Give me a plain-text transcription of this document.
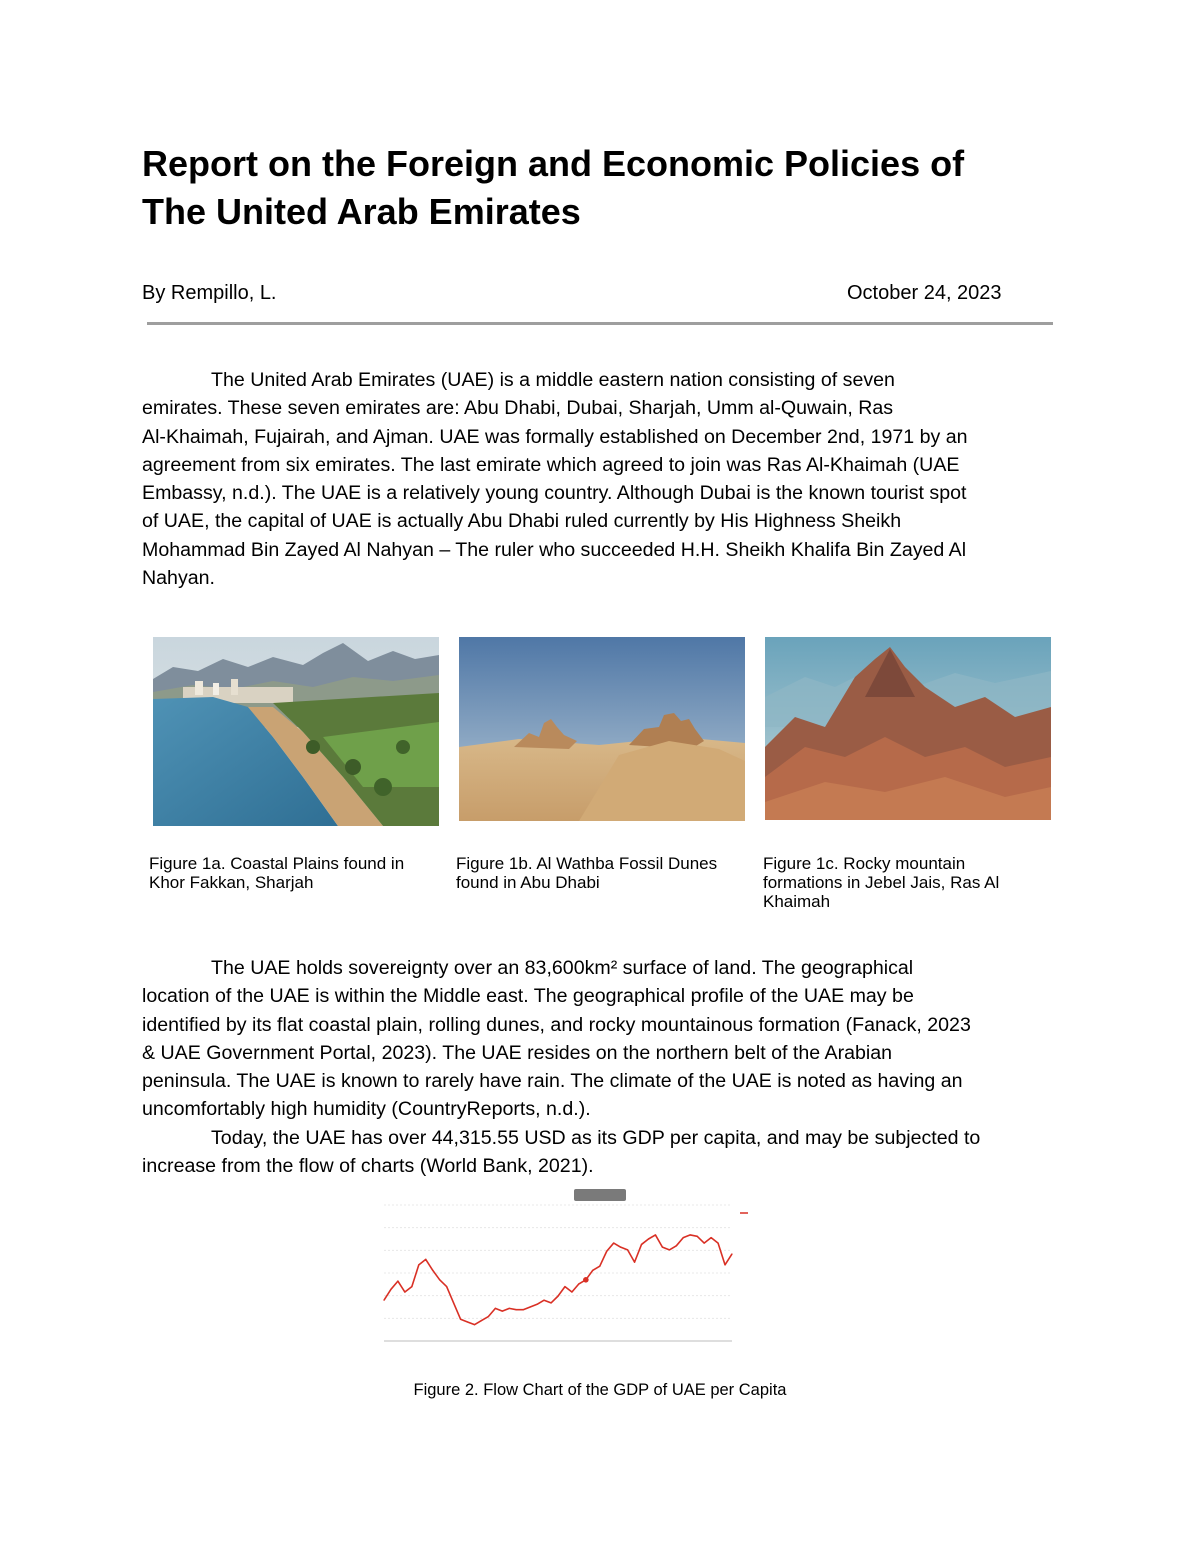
Report on the Foreign and Economic Policies of
The United Arab Emirates
By Rempillo, L.	October 24, 2023

The United Arab Emirates (UAE) is a middle eastern nation consisting of seven
emirates. These seven emirates are: Abu Dhabi, Dubai, Sharjah, Umm al-Quwain, Ras
Al-Khaimah, Fujairah, and Ajman. UAE was formally established on December 2nd, 1971 by an
agreement from six emirates. The last emirate which agreed to join was Ras Al-Khaimah (UAE
Embassy, n.d.). The UAE is a relatively young country. Although Dubai is the known tourist spot
of UAE, the capital of UAE is actually Abu Dhabi ruled currently by His Highness Sheikh
Mohammad Bin Zayed Al Nahyan – The ruler who succeeded H.H. Sheikh Khalifa Bin Zayed Al
Nahyan.

Figure 1a. Coastal Plains found in
Khor Fakkan, Sharjah
Figure 1b. Al Wathba Fossil Dunes
found in Abu Dhabi
Figure 1c. Rocky mountain
formations in Jebel Jais, Ras Al
Khaimah

The UAE holds sovereignty over an 83,600km² surface of land. The geographical
location of the UAE is within the Middle east. The geographical profile of the UAE may be
identified by its flat coastal plain, rolling dunes, and rocky mountainous formation (Fanack, 2023
& UAE Government Portal, 2023). The UAE resides on the northern belt of the Arabian
peninsula. The UAE is known to rarely have rain. The climate of the UAE is noted as having an
uncomfortably high humidity (CountryReports, n.d.).
Today, the UAE has over 44,315.55 USD as its GDP per capita, and may be subjected to
increase from the flow of charts (World Bank, 2021).

Figure 2. Flow Chart of the GDP of UAE per Capita
